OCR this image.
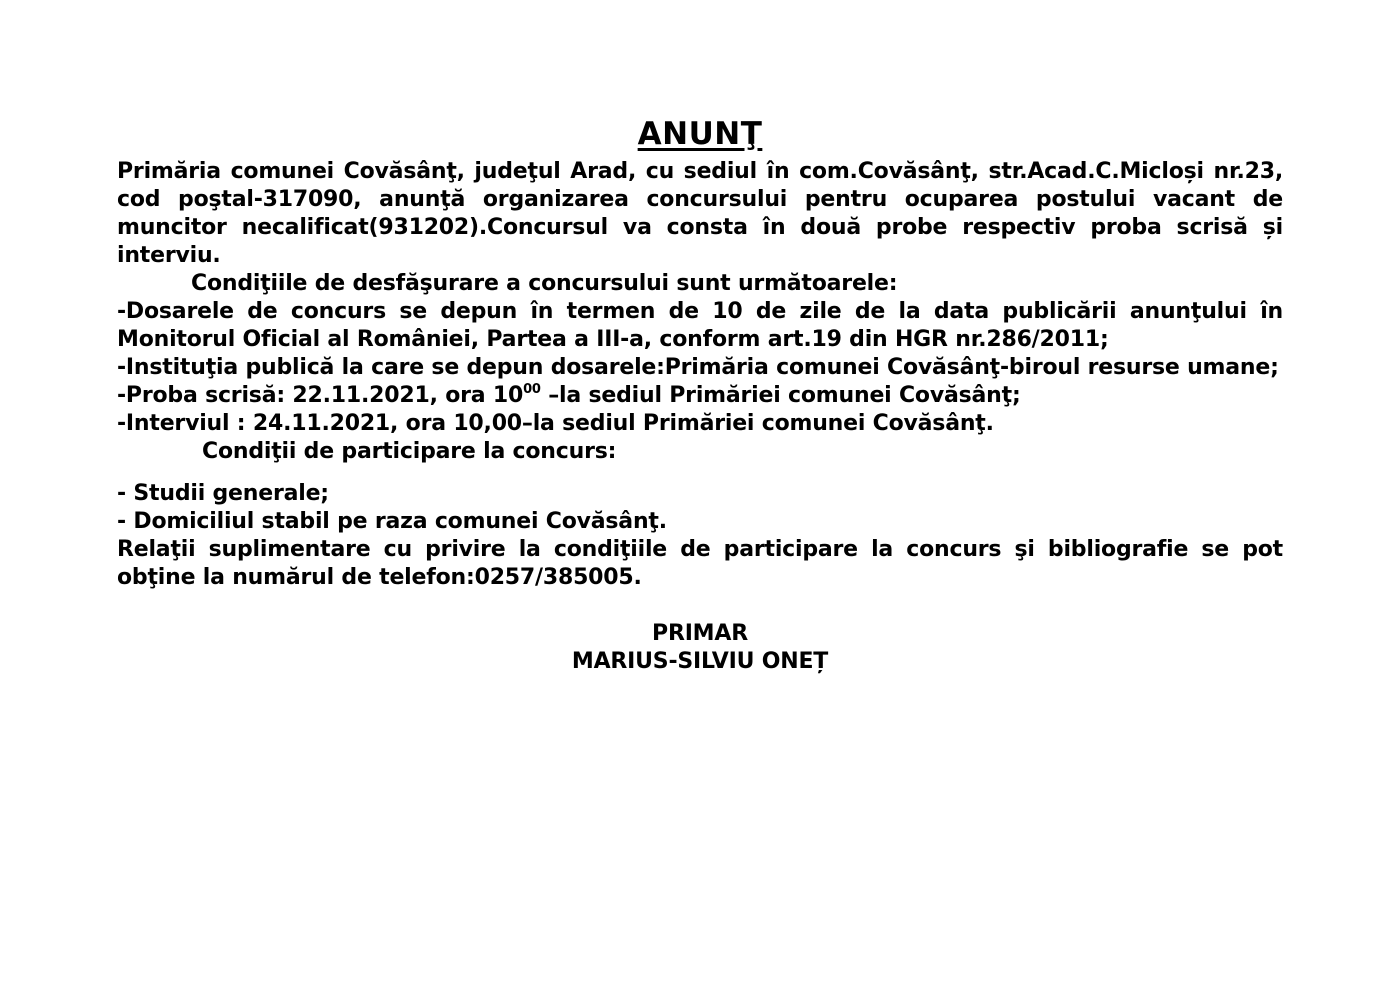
ANUNŢ

Primăria comunei Covăsânţ, judeţul Arad, cu sediul în com.Covăsânţ, str.Acad.C.Micloși nr.23, cod poştal-317090, anunţă organizarea concursului pentru ocuparea postului vacant de muncitor necalificat(931202).Concursul va consta în două probe respectiv proba scrisă și interviu.

Condiţiile de desfăşurare a concursului sunt următoarele:

-Dosarele de concurs se depun în termen de 10 de zile de la data publicării anunţului în Monitorul Oficial al României, Partea a III-a, conform art.19 din HGR nr.286/2011;

-Instituţia publică la care se depun dosarele:Primăria comunei Covăsânţ-biroul resurse umane;

-Proba scrisă: 22.11.2021, ora $10^{00}$ –la sediul Primăriei comunei Covăsânţ;

-Interviul : 24.11.2021, ora 10,00–la sediul Primăriei comunei Covăsânţ.

Condiţii de participare la concurs:

- Studii generale;

- Domiciliul stabil pe raza comunei Covăsânţ.

Relaţii suplimentare cu privire la condiţiile de participare la concurs şi bibliografie se pot obţine la numărul de telefon:0257/385005.

PRIMAR

MARIUS-SILVIU ONEȚ
